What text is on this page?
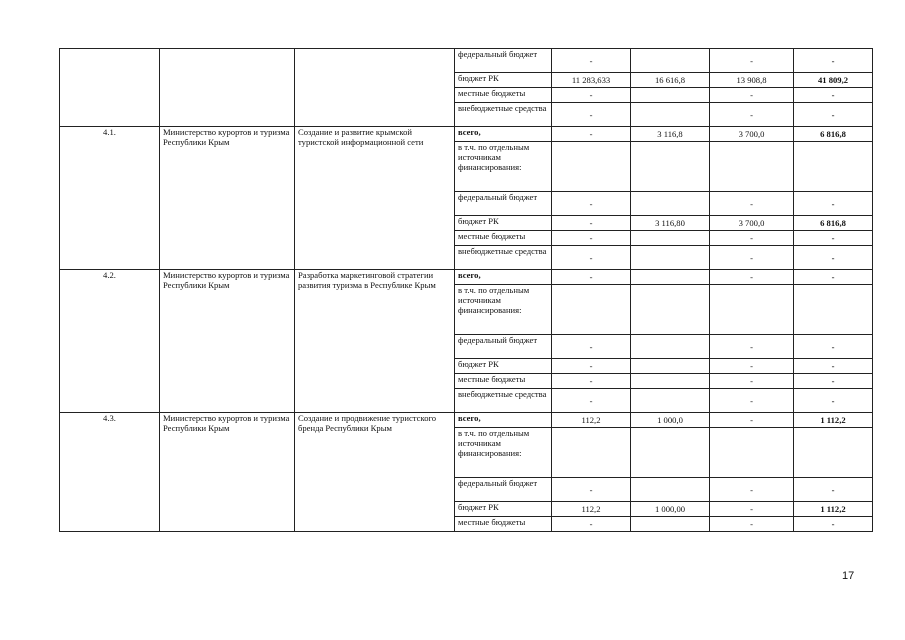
			федеральный бюджет	-		-	-
			бюджет РК	11 283,633	16 616,8	13 908,8	41 809,2
			местные бюджеты	-		-	-
			внебюджетные средства	-		-	-
4.1.	Министерство курортов и туризма Республики Крым	Создание и развитие крымской туристской информационной сети	всего,	-	3 116,8	3 700,0	6 816,8
			в т.ч. по отдельным источникам финансирования:				
			федеральный бюджет	-		-	-
			бюджет РК	-	3 116,80	3 700,0	6 816,8
			местные бюджеты	-		-	-
			внебюджетные средства	-		-	-
4.2.	Министерство курортов и туризма Республики Крым	Разработка маркетинговой стратегии развития туризма в Республике Крым	всего,	-		-	-
			в т.ч. по отдельным источникам финансирования:				
			федеральный бюджет	-		-	-
			бюджет РК	-		-	-
			местные бюджеты	-		-	-
			внебюджетные средства	-		-	-
4.3.	Министерство курортов и туризма Республики Крым	Создание и продвижение туристского бренда Республики Крым	всего,	112,2	1 000,0	-	1 112,2
			в т.ч. по отдельным источникам финансирования:				
			федеральный бюджет	-		-	-
			бюджет РК	112,2	1 000,00	-	1 112,2
			местные бюджеты	-		-	-
17
